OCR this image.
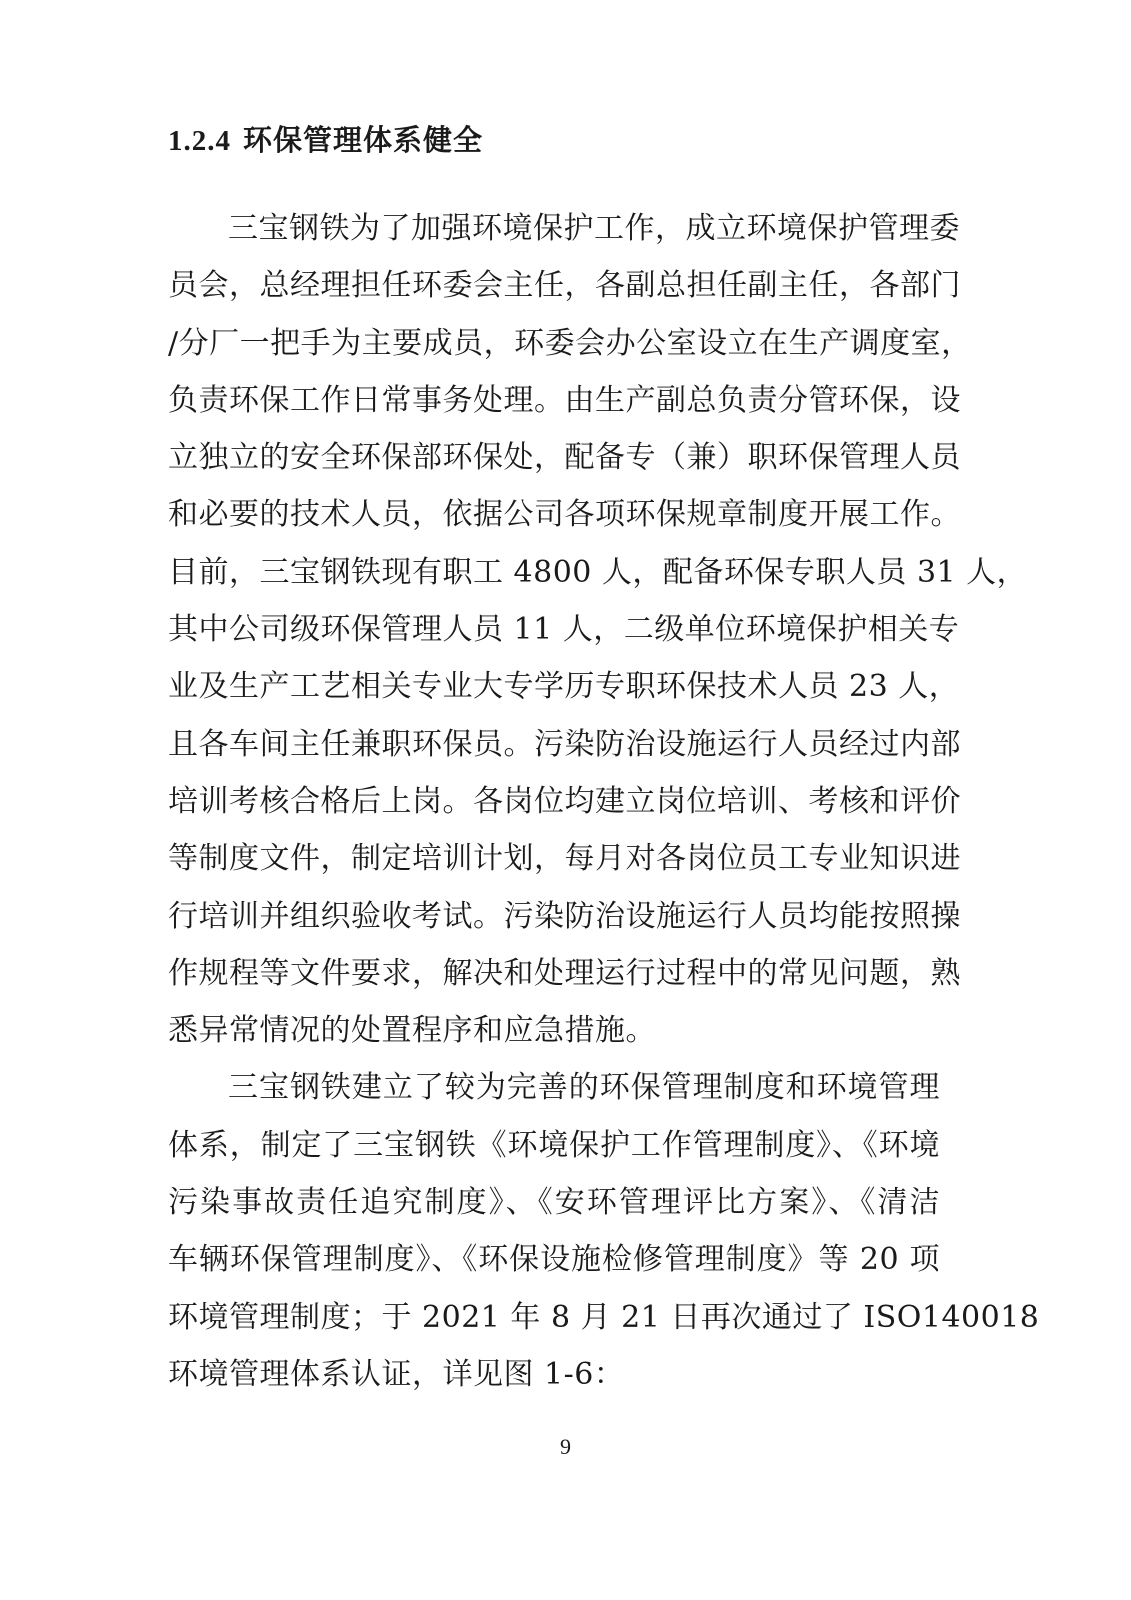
1.2.4 环保管理体系健全
三宝钢铁为了加强环境保护工作，成立环境保护管理委
员会，总经理担任环委会主任，各副总担任副主任，各部门
/分厂一把手为主要成员，环委会办公室设立在生产调度室，
负责环保工作日常事务处理。由生产副总负责分管环保，设
立独立的安全环保部环保处，配备专（兼）职环保管理人员
和必要的技术人员，依据公司各项环保规章制度开展工作。
目前，三宝钢铁现有职工 4800 人，配备环保专职人员 31 人，
其中公司级环保管理人员 11 人，二级单位环境保护相关专
业及生产工艺相关专业大专学历专职环保技术人员 23 人，
且各车间主任兼职环保员。污染防治设施运行人员经过内部
培训考核合格后上岗。各岗位均建立岗位培训、考核和评价
等制度文件，制定培训计划，每月对各岗位员工专业知识进
行培训并组织验收考试。污染防治设施运行人员均能按照操
作规程等文件要求，解决和处理运行过程中的常见问题，熟
悉异常情况的处置程序和应急措施。
三宝钢铁建立了较为完善的环保管理制度和环境管理
体系，制定了三宝钢铁《环境保护工作管理制度》、《环境
污染事故责任追究制度》、《安环管理评比方案》、《清洁
车辆环保管理制度》、《环保设施检修管理制度》等 20 项
环境管理制度；于 2021 年 8 月 21 日再次通过了 ISO140018
环境管理体系认证，详见图 1-6：
9
